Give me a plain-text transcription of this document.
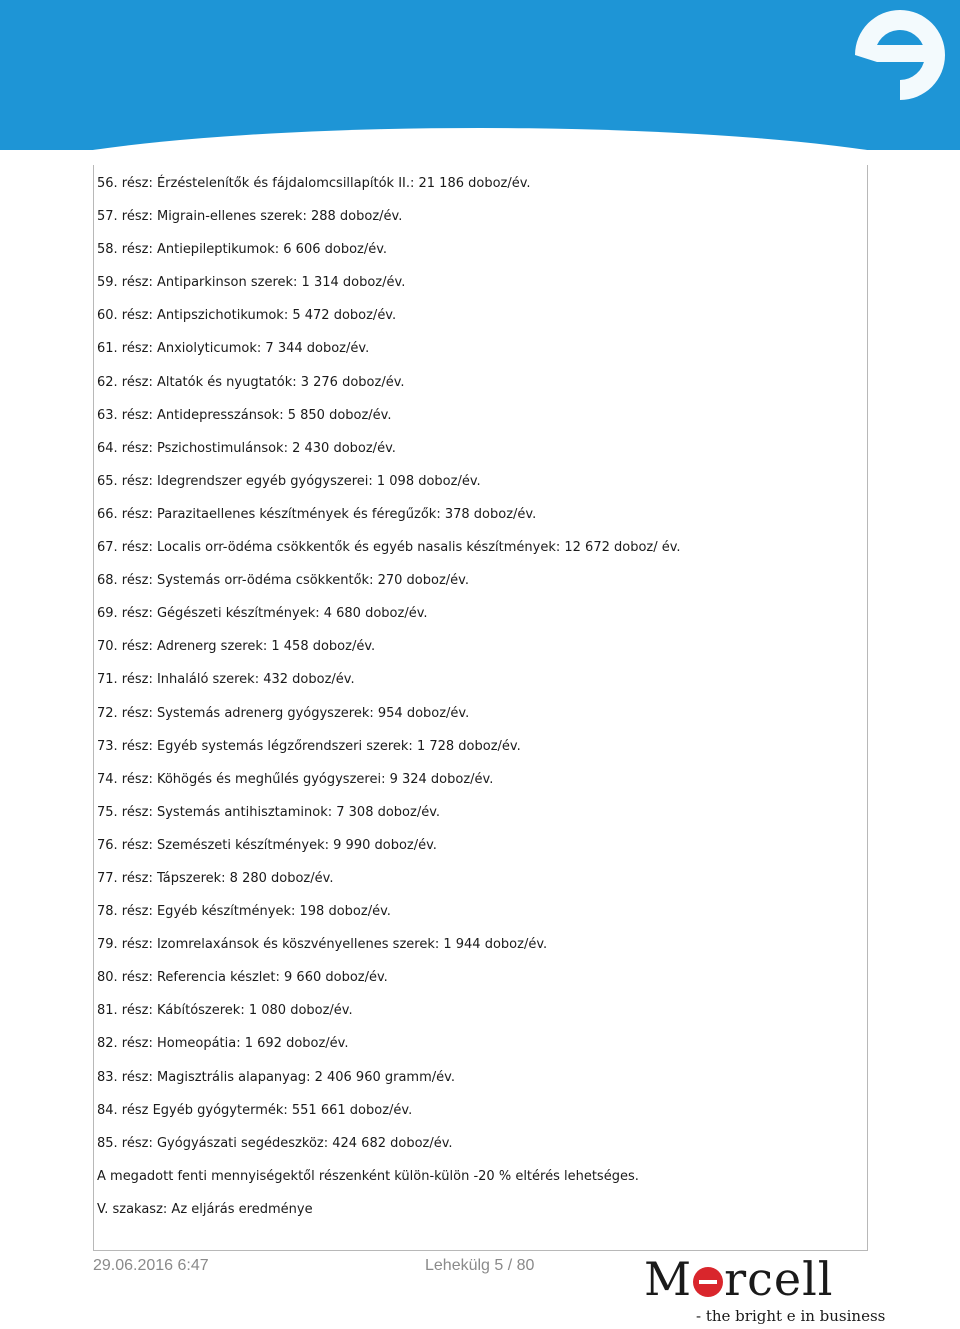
56. rész: Érzéstelenítők és fájdalomcsillapítók II.: 21 186 doboz/év.
57. rész: Migrain-ellenes szerek: 288 doboz/év.
58. rész: Antiepileptikumok: 6 606 doboz/év.
59. rész: Antiparkinson szerek: 1 314 doboz/év.
60. rész: Antipszichotikumok: 5 472 doboz/év.
61. rész: Anxiolyticumok: 7 344 doboz/év.
62. rész: Altatók és nyugtatók: 3 276 doboz/év.
63. rész: Antidepresszánsok: 5 850 doboz/év.
64. rész: Pszichostimulánsok: 2 430 doboz/év.
65. rész: Idegrendszer egyéb gyógyszerei: 1 098 doboz/év.
66. rész: Parazitaellenes készítmények és féregűzők: 378 doboz/év.
67. rész: Localis orr-ödéma csökkentők és egyéb nasalis készítmények: 12 672 doboz/ év.
68. rész: Systemás orr-ödéma csökkentők: 270 doboz/év.
69. rész: Gégészeti készítmények: 4 680 doboz/év.
70. rész: Adrenerg szerek: 1 458 doboz/év.
71. rész: Inhaláló szerek: 432 doboz/év.
72. rész: Systemás adrenerg gyógyszerek: 954 doboz/év.
73. rész: Egyéb systemás légzőrendszeri szerek: 1 728 doboz/év.
74. rész: Köhögés és meghűlés gyógyszerei: 9 324 doboz/év.
75. rész: Systemás antihisztaminok: 7 308 doboz/év.
76. rész: Szemészeti készítmények: 9 990 doboz/év.
77. rész: Tápszerek: 8 280 doboz/év.
78. rész: Egyéb készítmények: 198 doboz/év.
79. rész: Izomrelaxánsok és köszvényellenes szerek: 1 944 doboz/év.
80. rész: Referencia készlet: 9 660 doboz/év.
81. rész: Kábítószerek: 1 080 doboz/év.
82. rész: Homeopátia: 1 692 doboz/év.
83. rész: Magisztrális alapanyag: 2 406 960 gramm/év.
84. rész Egyéb gyógytermék: 551 661 doboz/év.
85. rész: Gyógyászati segédeszköz: 424 682 doboz/év.
A megadott fenti mennyiségektől részenként külön-külön -20 % eltérés lehetséges.
V. szakasz: Az eljárás eredménye
29.06.2016 6:47	Lehekülg 5 / 80 M rcell
- the bright e in business
